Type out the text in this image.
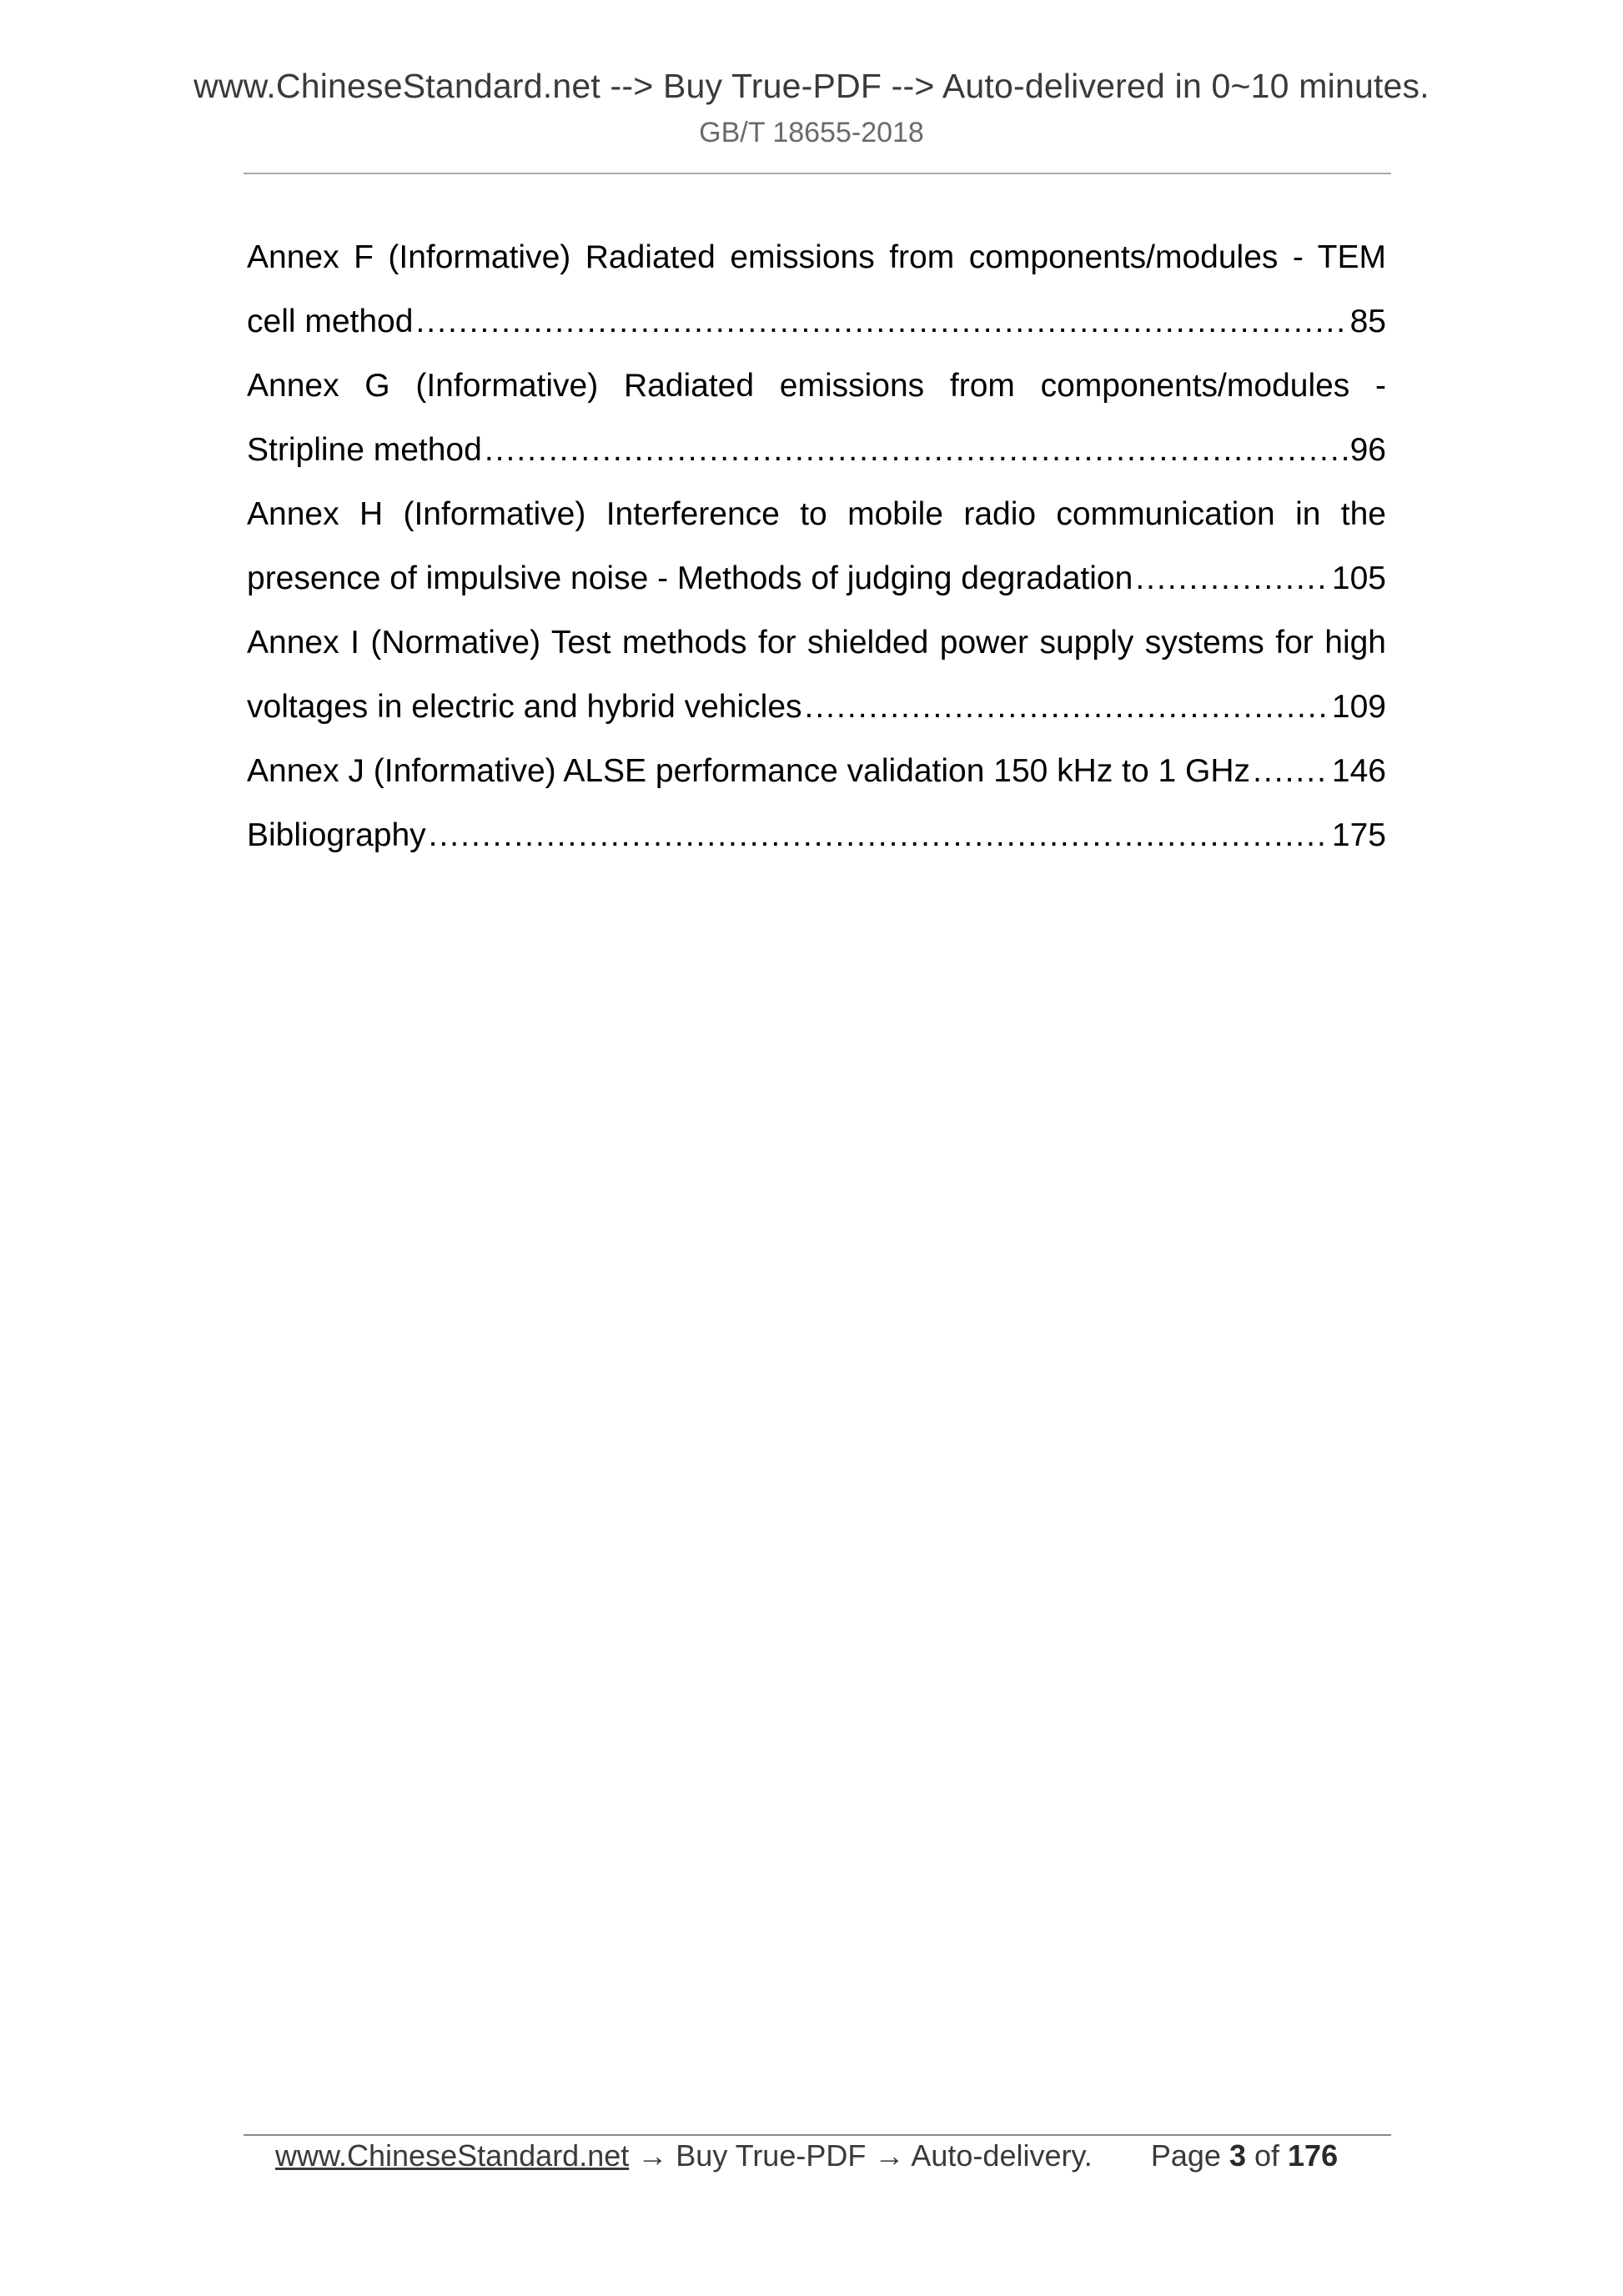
www.ChineseStandard.net --> Buy True-PDF --> Auto-delivered in 0~10 minutes.
GB/T 18655-2018
Annex F (Informative) Radiated emissions from components/modules - TEM
cell method .....	85
Annex G (Informative) Radiated emissions from components/modules -
Stripline method .....	96
Annex H (Informative) Interference to mobile radio communication in the
presence of impulsive noise - Methods of judging degradation .....	105
Annex I (Normative) Test methods for shielded power supply systems for high
voltages in electric and hybrid vehicles .....	109
Annex J (Informative) ALSE performance validation 150 kHz to 1 GHz .....	146
Bibliography .....	175
www.ChineseStandard.net → Buy True-PDF → Auto-delivery. Page 3 of 176
